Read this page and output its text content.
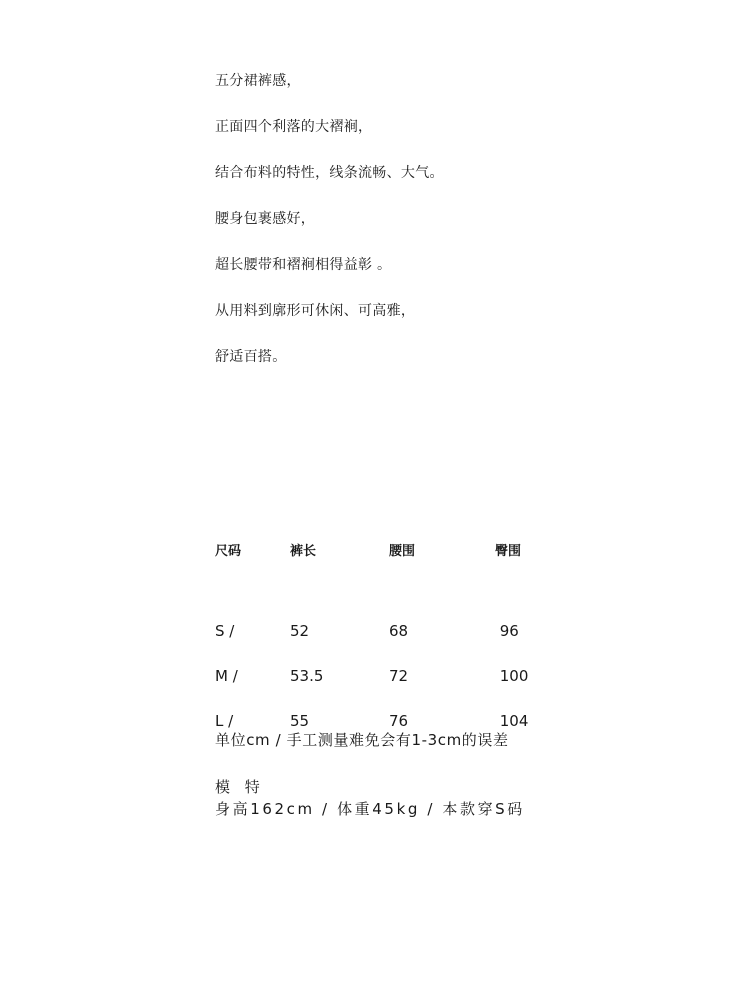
五分裙裤感，
正面四个利落的大褶裥，
结合布料的特性，线条流畅、大气。
腰身包裹感好，
超长腰带和褶裥相得益彰 。
从用料到廓形可休闲、可高雅，
舒适百搭。
尺码	裤长	腰围	臀围

S /	52	68	96
M /	53.5	72	100
L /	55	76	104
单位cm / 手工测量难免会有1-3cm的误差
模 特
身高162cm / 体重45kg / 本款穿S码
